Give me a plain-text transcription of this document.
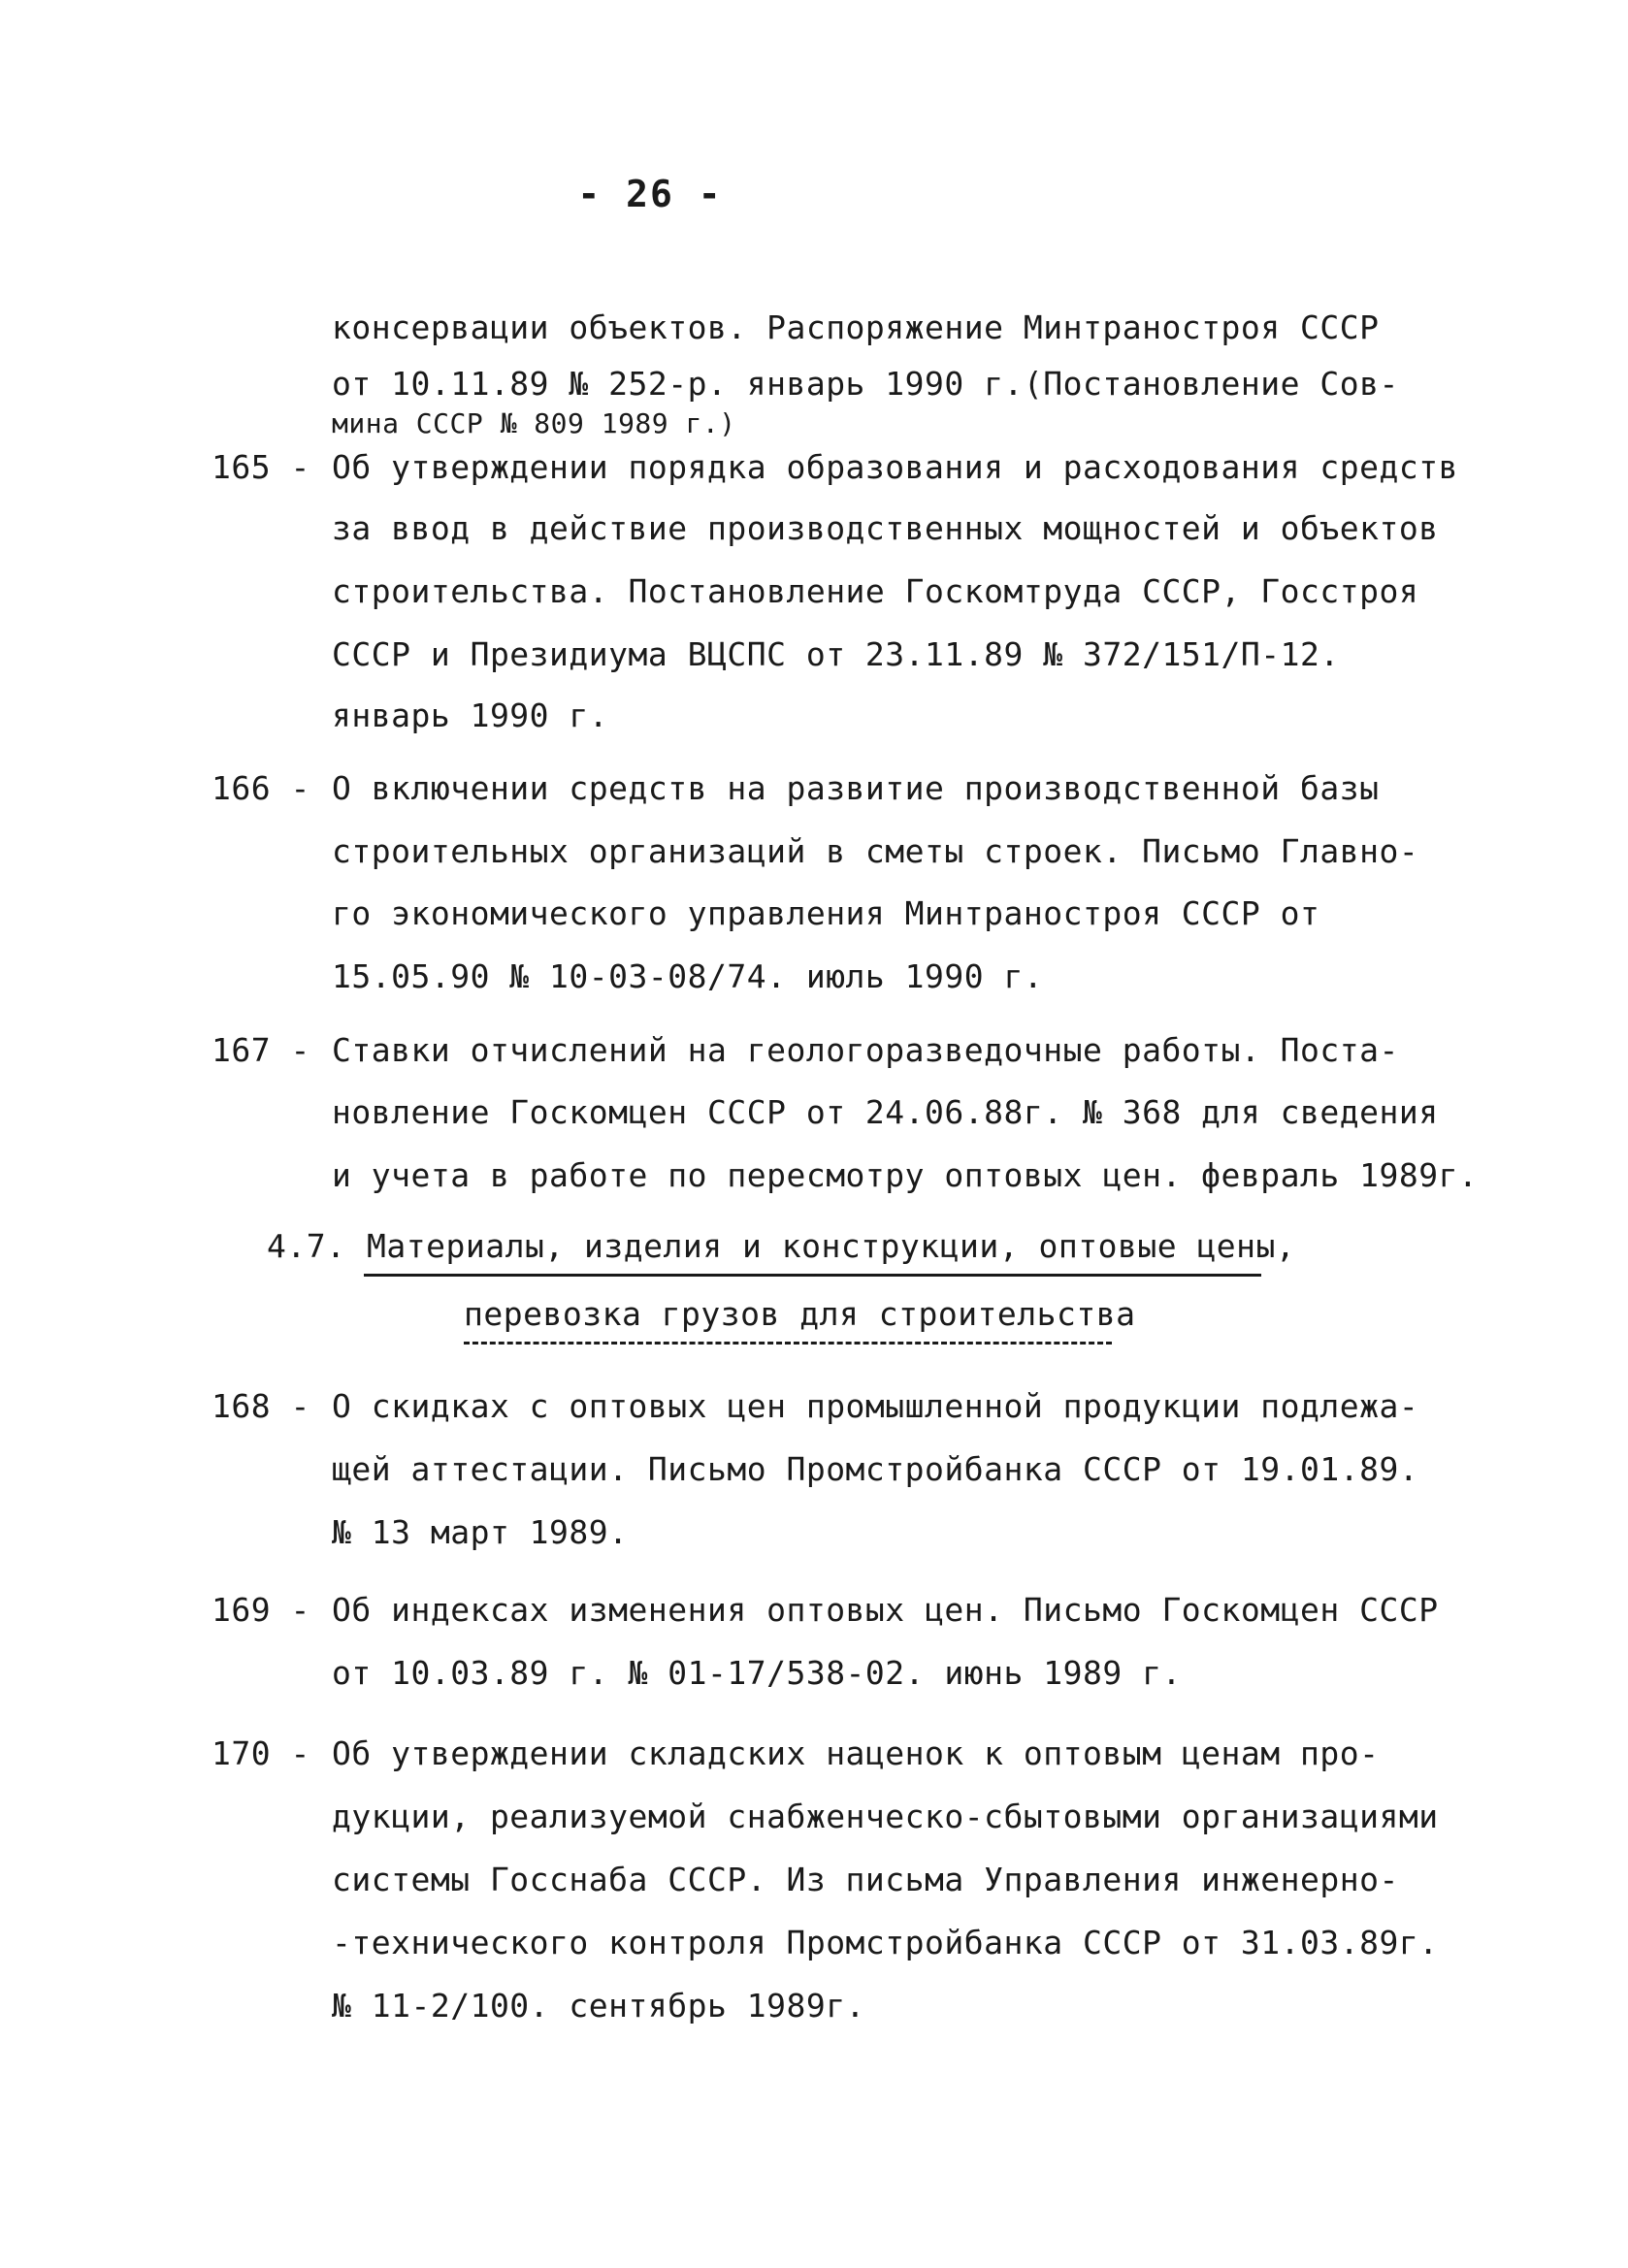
- 26 -
консервации объектов. Распоряжение Минтраностроя СССР
от 10.11.89 № 252-р. январь 1990 г.(Постановление Сов-
мина СССР № 809 1989 г.)
165 - Об утверждении порядка образования и расходования средств
за ввод в действие производственных мощностей и объектов
строительства. Постановление Госкомтруда СССР, Госстроя
СССР и Президиума ВЦСПС от 23.11.89 № 372/151/П-12.
январь 1990 г.
166 - О включении средств на развитие производственной базы
строительных организаций в сметы строек. Письмо Главно-
го экономического управления Минтраностроя СССР от
15.05.90 № 10-03-08/74. июль 1990 г.
167 - Ставки отчислений на геологоразведочные работы. Поста-
новление Госкомцен СССР от 24.06.88г. № 368 для сведения
и учета в работе по пересмотру оптовых цен. февраль 1989г.
4.7. Материалы, изделия и конструкции, оптовые цены,
перевозка грузов для строительства
168 - О скидках с оптовых цен промышленной продукции подлежа-
щей аттестации. Письмо Промстройбанка СССР от 19.01.89.
№ 13 март 1989.
169 - Об индексах изменения оптовых цен. Письмо Госкомцен СССР
от 10.03.89 г. № 01-17/538-02. июнь 1989 г.
170 - Об утверждении складских наценок к оптовым ценам про-
дукции, реализуемой снабженческо-сбытовыми организациями
системы Госснаба СССР. Из письма Управления инженерно-
-технического контроля Промстройбанка СССР от 31.03.89г.
№ 11-2/100. сентябрь 1989г.
